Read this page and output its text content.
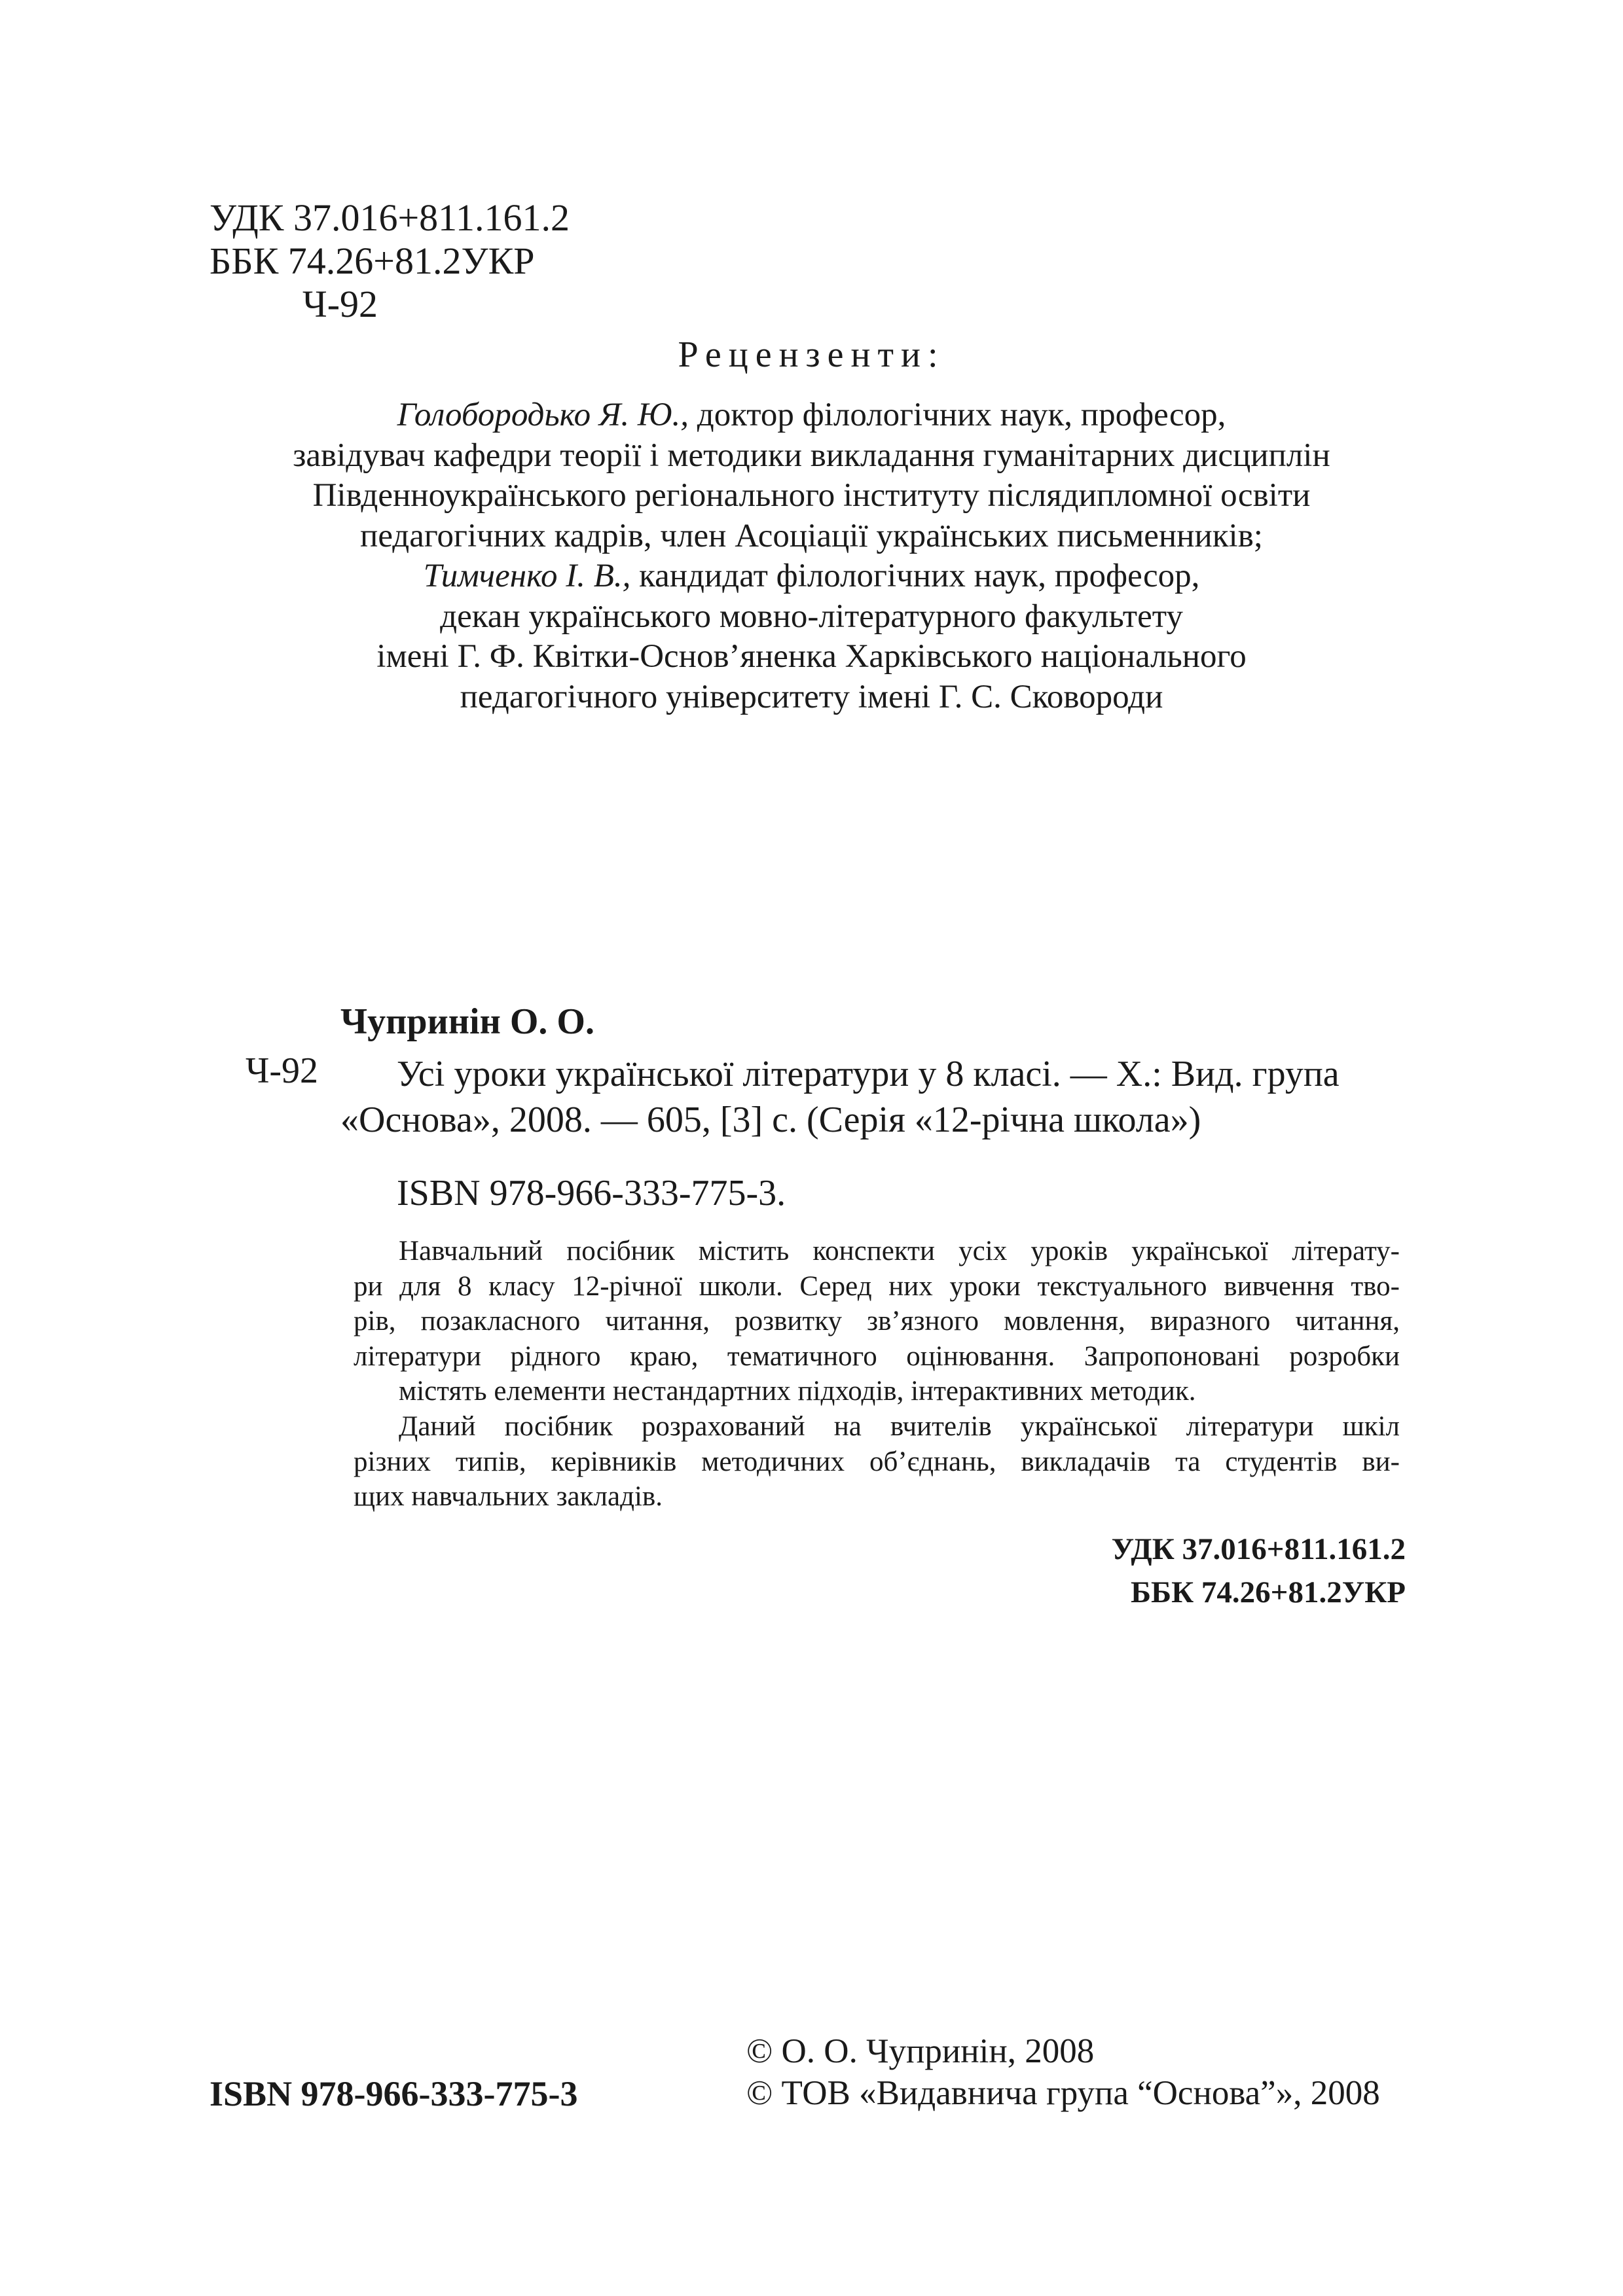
УДК 37.016+811.161.2
ББК 74.26+81.2УКР
Ч-92
Рецензенти:
Голобородько Я. Ю., доктор філологічних наук, професор,
завідувач кафедри теорії і методики викладання гуманітарних дисциплін
Південноукраїнського регіонального інституту післядипломної освіти
педагогічних кадрів, член Асоціації українських письменників;
Тимченко І. В., кандидат філологічних наук, професор,
декан українського мовно-літературного факультету
імені Г. Ф. Квітки-Основ’яненка Харківського національного
педагогічного університету імені Г. С. Сковороди
Чупринін О. О.
Ч-92 Усі уроки української літератури у 8 класі. — Х.: Вид. група
«Основа», 2008. — 605, [3] с. (Серія «12-річна школа»)
ISBN 978-966-333-775-3.
Навчальний посібник містить конспекти усіх уроків української літерату-
ри для 8 класу 12-річної школи. Серед них уроки текстуального вивчення тво-
рів, позакласного читання, розвитку зв’язного мовлення, виразного читання,
літератури рідного краю, тематичного оцінювання. Запропоновані розробки
містять елементи нестандартних підходів, інтерактивних методик.
Даний посібник розрахований на вчителів української літератури шкіл
різних типів, керівників методичних об’єднань, викладачів та студентів ви-
щих навчальних закладів.
УДК 37.016+811.161.2
ББК 74.26+81.2УКР
ISBN 978-966-333-775-3
© О. О. Чупринін, 2008
© ТОВ «Видавнича група “Основа”», 2008
